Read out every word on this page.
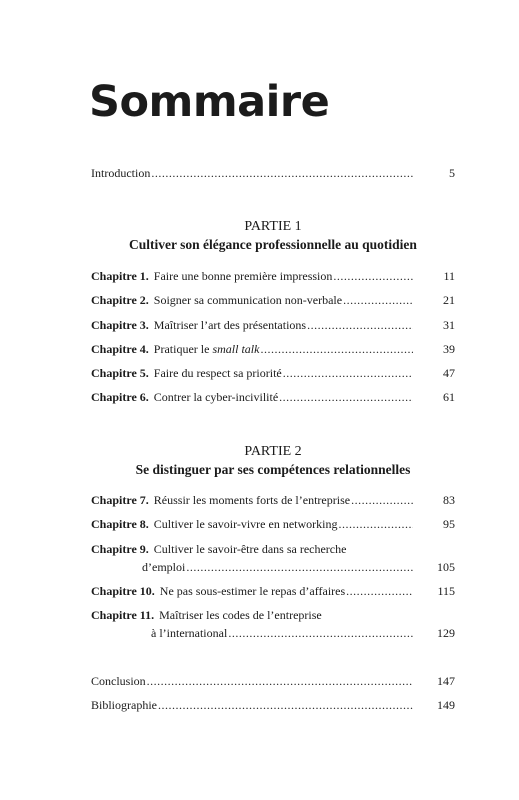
Sommaire
Introduction .....	5
PARTIE 1
Cultiver son élégance professionnelle au quotidien
Chapitre 1. Faire une bonne première impression .....	11
Chapitre 2. Soigner sa communication non-verbale .....	21
Chapitre 3. Maîtriser l’art des présentations .....	31
Chapitre 4. Pratiquer le small talk .....	39
Chapitre 5. Faire du respect sa priorité .....	47
Chapitre 6. Contrer la cyber-incivilité .....	61
PARTIE 2
Se distinguer par ses compétences relationnelles
Chapitre 7. Réussir les moments forts de l’entreprise .....	83
Chapitre 8. Cultiver le savoir-vivre en networking .....	95
Chapitre 9. Cultiver le savoir-être dans sa recherche
d’emploi .....	105
Chapitre 10. Ne pas sous-estimer le repas d’affaires .....	115
Chapitre 11. Maîtriser les codes de l’entreprise
à l’international .....	129
Conclusion .....	147
Bibliographie .....	149
